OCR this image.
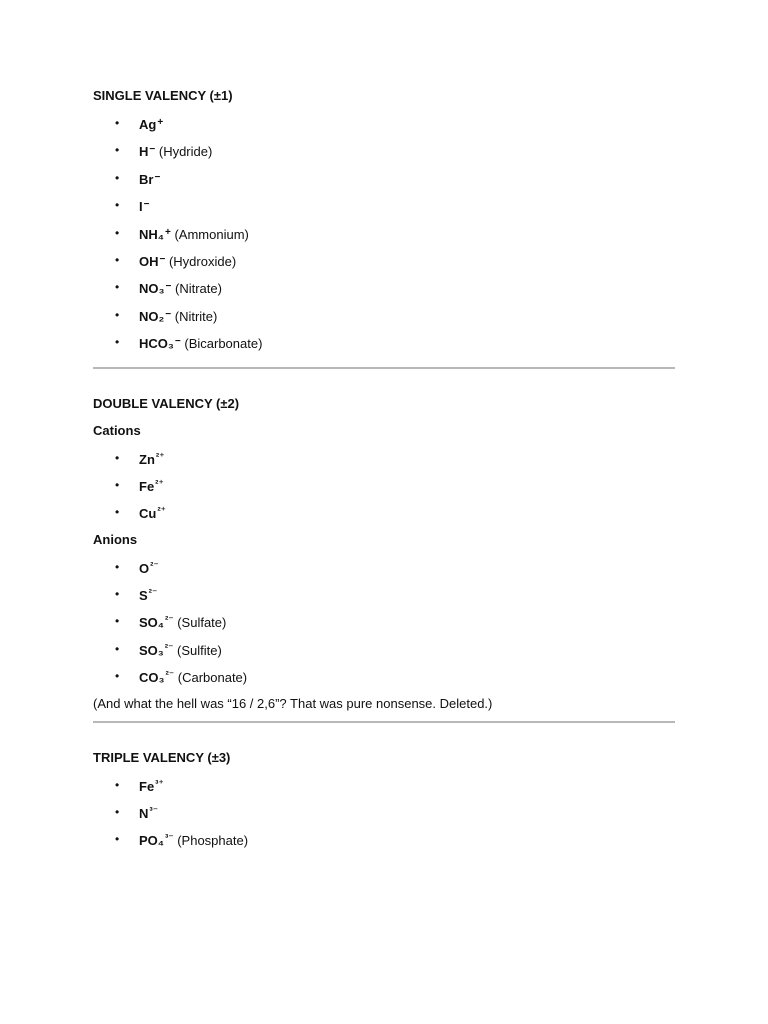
SINGLE VALENCY (±1)
• Ag+
• H− (Hydride)
• Br−
• I−
• NH₄+ (Ammonium)
• OH− (Hydroxide)
• NO₃− (Nitrate)
• NO₂− (Nitrite)
• HCO₃− (Bicarbonate)
DOUBLE VALENCY (±2)
Cations
• $Zn^{^{2+}}$
• $Fe^{^{2+}}$
• $Cu^{^{2+}}$
Anions
• $O^{^{2-}}$
• $S^{^{2-}}$
• SO₄$^{^{2-}}$ (Sulfate)
• SO₃$^{^{2-}}$ (Sulfite)
• CO₃$^{^{2-}}$ (Carbonate)
(And what the hell was “16 / 2,6”? That was pure nonsense. Deleted.)
TRIPLE VALENCY (±3)
• $Fe^{^{3+}}$
• $N^{^{3-}}$
• PO₄$^{^{3-}}$ (Phosphate)
